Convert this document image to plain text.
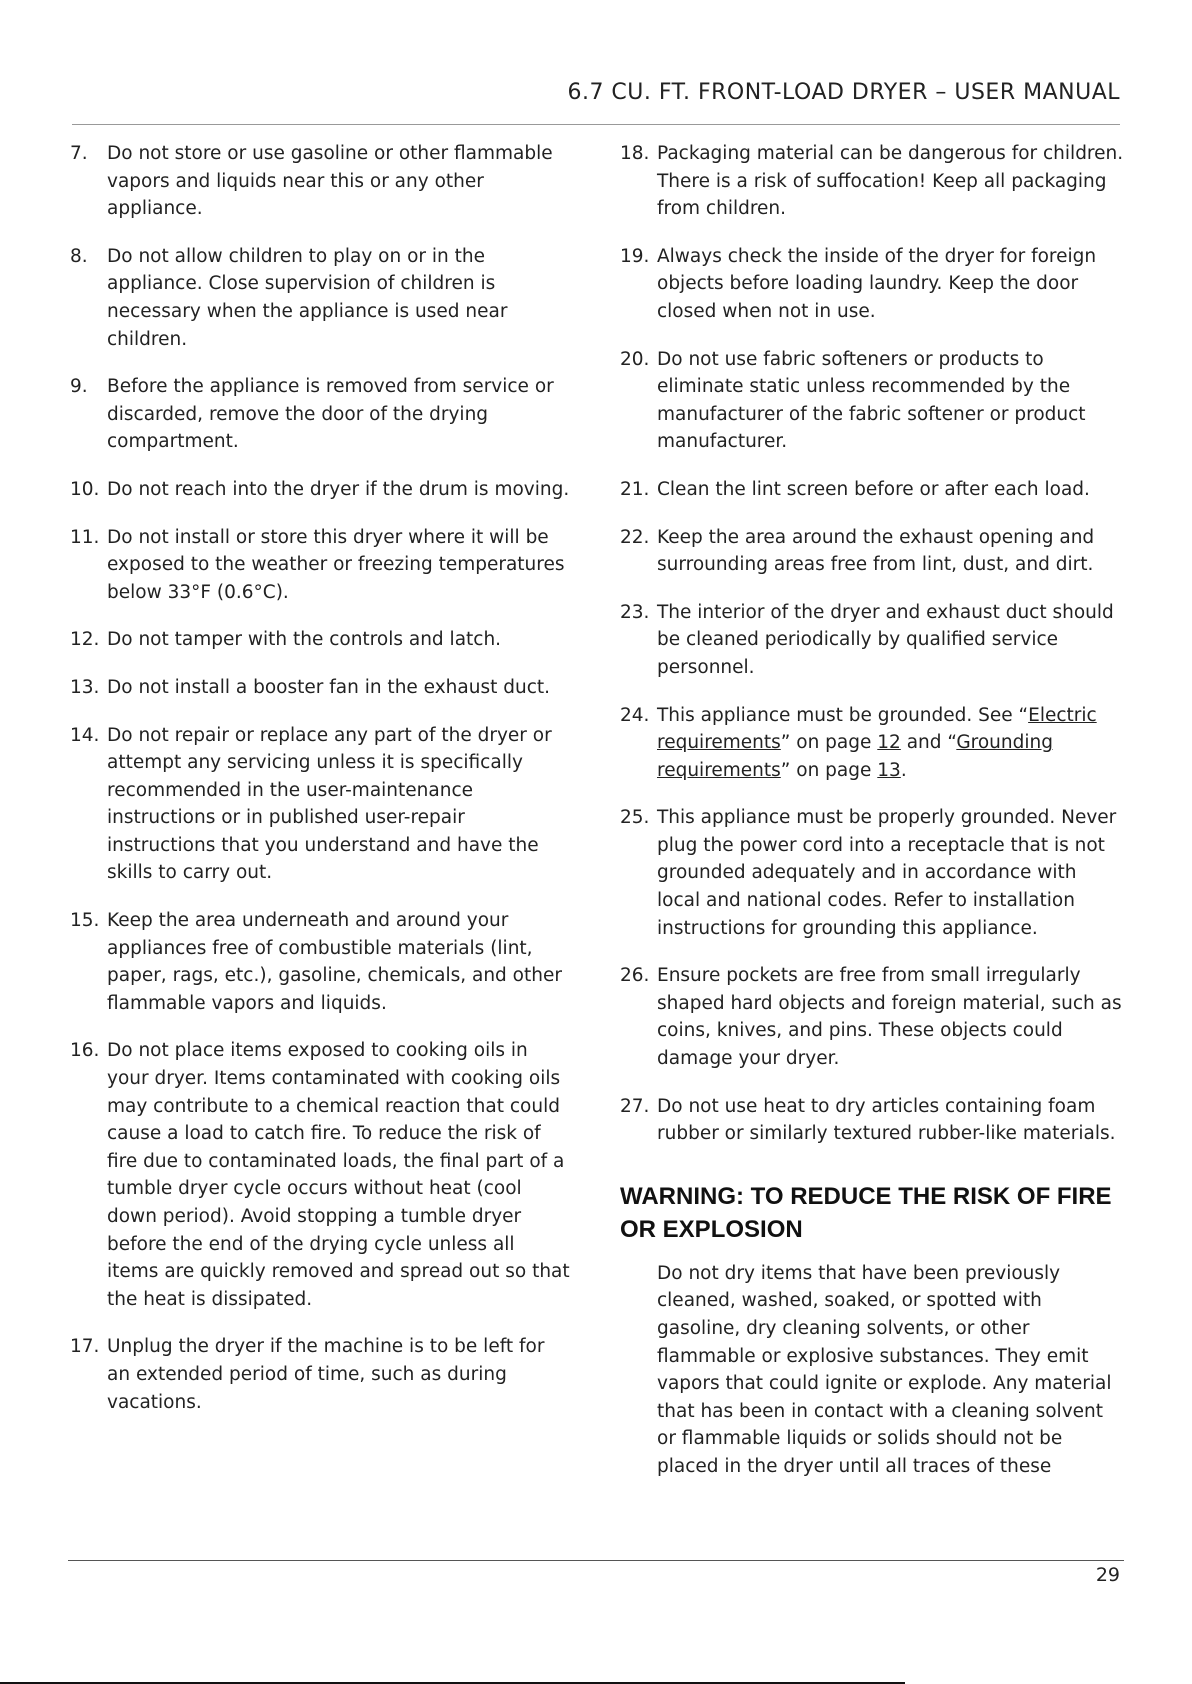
6.7 CU. FT. FRONT-LOAD DRYER – USER MANUAL
7. Do not store or use gasoline or other flammable vapors and liquids near this or any other appliance.
8. Do not allow children to play on or in the appliance. Close supervision of children is necessary when the appliance is used near children.
9. Before the appliance is removed from service or discarded, remove the door of the drying compartment.
10. Do not reach into the dryer if the drum is moving.
11. Do not install or store this dryer where it will be exposed to the weather or freezing temperatures below 33°F (0.6°C).
12. Do not tamper with the controls and latch.
13. Do not install a booster fan in the exhaust duct.
14. Do not repair or replace any part of the dryer or attempt any servicing unless it is specifically recommended in the user-maintenance instructions or in published user-repair instructions that you understand and have the skills to carry out.
15. Keep the area underneath and around your appliances free of combustible materials (lint, paper, rags, etc.), gasoline, chemicals, and other flammable vapors and liquids.
16. Do not place items exposed to cooking oils in your dryer. Items contaminated with cooking oils may contribute to a chemical reaction that could cause a load to catch fire. To reduce the risk of fire due to contaminated loads, the final part of a tumble dryer cycle occurs without heat (cool down period). Avoid stopping a tumble dryer before the end of the drying cycle unless all items are quickly removed and spread out so that the heat is dissipated.
17. Unplug the dryer if the machine is to be left for an extended period of time, such as during vacations.
18. Packaging material can be dangerous for children. There is a risk of suffocation! Keep all packaging from children.
19. Always check the inside of the dryer for foreign objects before loading laundry. Keep the door closed when not in use.
20. Do not use fabric softeners or products to eliminate static unless recommended by the manufacturer of the fabric softener or product manufacturer.
21. Clean the lint screen before or after each load.
22. Keep the area around the exhaust opening and surrounding areas free from lint, dust, and dirt.
23. The interior of the dryer and exhaust duct should be cleaned periodically by qualified service personnel.
24. This appliance must be grounded. See “Electric requirements” on page 12 and “Grounding requirements” on page 13.
25. This appliance must be properly grounded. Never plug the power cord into a receptacle that is not grounded adequately and in accordance with local and national codes. Refer to installation instructions for grounding this appliance.
26. Ensure pockets are free from small irregularly shaped hard objects and foreign material, such as coins, knives, and pins. These objects could damage your dryer.
27. Do not use heat to dry articles containing foam rubber or similarly textured rubber-like materials.
WARNING: TO REDUCE THE RISK OF FIRE OR EXPLOSION
Do not dry items that have been previously cleaned, washed, soaked, or spotted with gasoline, dry cleaning solvents, or other flammable or explosive substances. They emit vapors that could ignite or explode. Any material that has been in contact with a cleaning solvent or flammable liquids or solids should not be placed in the dryer until all traces of these
29
